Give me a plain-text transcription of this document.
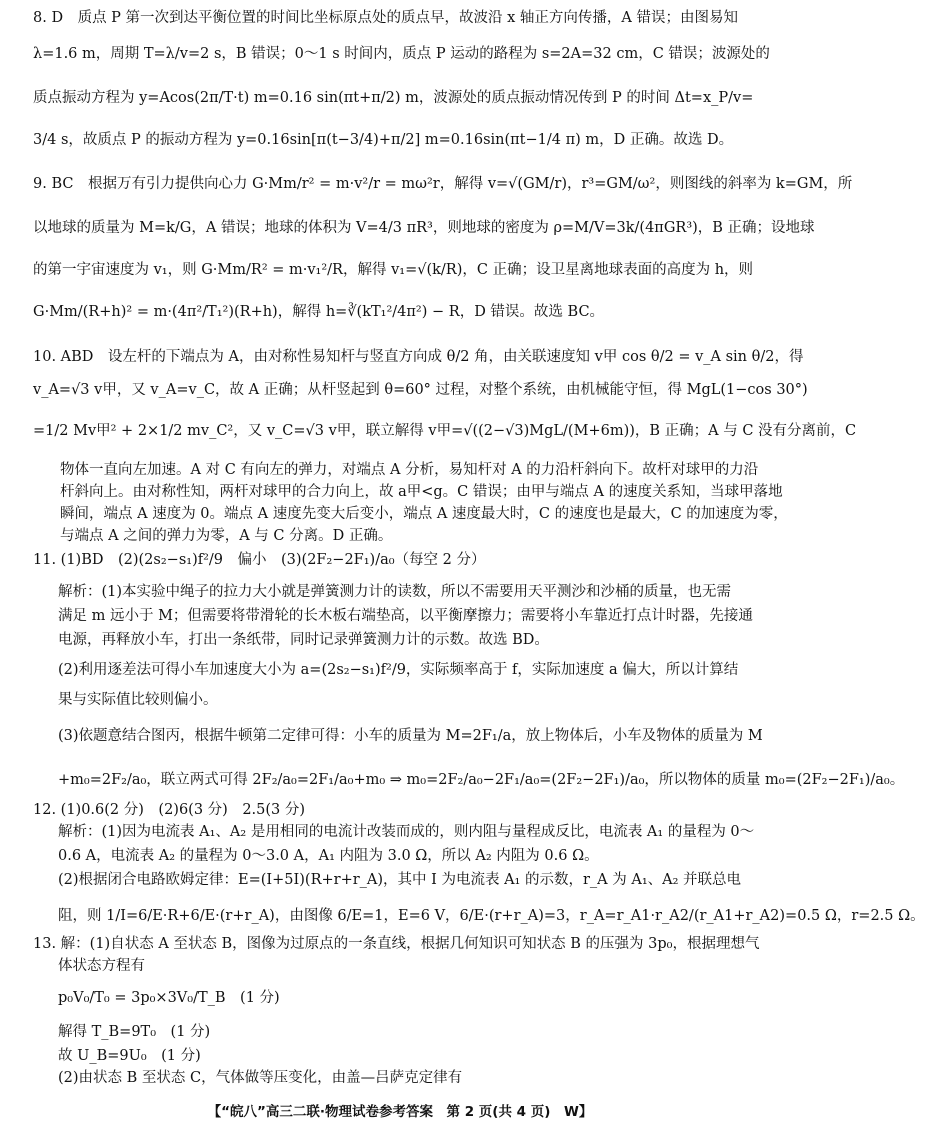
8. D　质点 P 第一次到达平衡位置的时间比坐标原点处的质点早，故波沿 x 轴正方向传播，A 错误；由图易知
λ=1.6 m，周期 T=λ/v=2 s，B 错误；0～1 s 时间内，质点 P 运动的路程为 s=2A=32 cm，C 错误；波源处的
质点振动方程为 y=Acos(2π/T·t) m=0.16 sin(πt+π/2) m，波源处的质点振动情况传到 P 的时间 Δt=x_P/v=
3/4 s，故质点 P 的振动方程为 y=0.16sin[π(t−3/4)+π/2] m=0.16sin(πt−1/4 π) m，D 正确。故选 D。
9. BC　根据万有引力提供向心力 G·Mm/r² = m·v²/r = mω²r，解得 v=√(GM/r)，r³=GM/ω²，则图线的斜率为 k=GM，所
以地球的质量为 M=k/G，A 错误；地球的体积为 V=4/3 πR³，则地球的密度为 ρ=M/V=3k/(4πGR³)，B 正确；设地球
的第一宇宙速度为 v₁，则 G·Mm/R² = m·v₁²/R，解得 v₁=√(k/R)，C 正确；设卫星离地球表面的高度为 h，则
G·Mm/(R+h)² = m·(4π²/T₁²)(R+h)，解得 h=∛(kT₁²/4π²) − R，D 错误。故选 BC。
10. ABD　设左杆的下端点为 A，由对称性易知杆与竖直方向成 θ/2 角，由关联速度知 v甲 cos θ/2 = v_A sin θ/2，得
v_A=√3 v甲，又 v_A=v_C，故 A 正确；从杆竖起到 θ=60° 过程，对整个系统，由机械能守恒，得 MgL(1−cos 30°)
=1/2 Mv甲² + 2×1/2 mv_C²，又 v_C=√3 v甲，联立解得 v甲=√((2−√3)MgL/(M+6m))，B 正确；A 与 C 没有分离前，C
物体一直向左加速。A 对 C 有向左的弹力，对端点 A 分析，易知杆对 A 的力沿杆斜向下。故杆对球甲的力沿
杆斜向上。由对称性知，两杆对球甲的合力向上，故 a甲<g。C 错误；由甲与端点 A 的速度关系知，当球甲落地
瞬间，端点 A 速度为 0。端点 A 速度先变大后变小，端点 A 速度最大时，C 的速度也是最大，C 的加速度为零，
与端点 A 之间的弹力为零，A 与 C 分离。D 正确。
11. (1)BD　(2)(2s₂−s₁)f²/9　偏小　(3)(2F₂−2F₁)/a₀（每空 2 分）
解析：(1)本实验中绳子的拉力大小就是弹簧测力计的读数，所以不需要用天平测沙和沙桶的质量，也无需
满足 m 远小于 M；但需要将带滑轮的长木板右端垫高，以平衡摩擦力；需要将小车靠近打点计时器，先接通
电源，再释放小车，打出一条纸带，同时记录弹簧测力计的示数。故选 BD。
(2)利用逐差法可得小车加速度大小为 a=(2s₂−s₁)f²/9，实际频率高于 f，实际加速度 a 偏大，所以计算结
果与实际值比较则偏小。
(3)依题意结合图丙，根据牛顿第二定律可得：小车的质量为 M=2F₁/a，放上物体后，小车及物体的质量为 M
+m₀=2F₂/a₀，联立两式可得 2F₂/a₀=2F₁/a₀+m₀ ⇒ m₀=2F₂/a₀−2F₁/a₀=(2F₂−2F₁)/a₀，所以物体的质量 m₀=(2F₂−2F₁)/a₀。
12. (1)0.6(2 分)　(2)6(3 分)　2.5(3 分)
解析：(1)因为电流表 A₁、A₂ 是用相同的电流计改装而成的，则内阻与量程成反比，电流表 A₁ 的量程为 0～
0.6 A，电流表 A₂ 的量程为 0～3.0 A，A₁ 内阻为 3.0 Ω，所以 A₂ 内阻为 0.6 Ω。
(2)根据闭合电路欧姆定律：E=(I+5I)(R+r+r_A)，其中 I 为电流表 A₁ 的示数，r_A 为 A₁、A₂ 并联总电
阻，则 1/I=6/E·R+6/E·(r+r_A)，由图像 6/E=1，E=6 V，6/E·(r+r_A)=3，r_A=r_A1·r_A2/(r_A1+r_A2)=0.5 Ω，r=2.5 Ω。
13. 解：(1)自状态 A 至状态 B，图像为过原点的一条直线，根据几何知识可知状态 B 的压强为 3p₀，根据理想气
体状态方程有
p₀V₀/T₀ = 3p₀×3V₀/T_B　(1 分)
解得 T_B=9T₀　(1 分)
故 U_B=9U₀　(1 分)
(2)由状态 B 至状态 C，气体做等压变化，由盖—吕萨克定律有
【“皖八”高三二联·物理试卷参考答案　第 2 页(共 4 页)　W】
